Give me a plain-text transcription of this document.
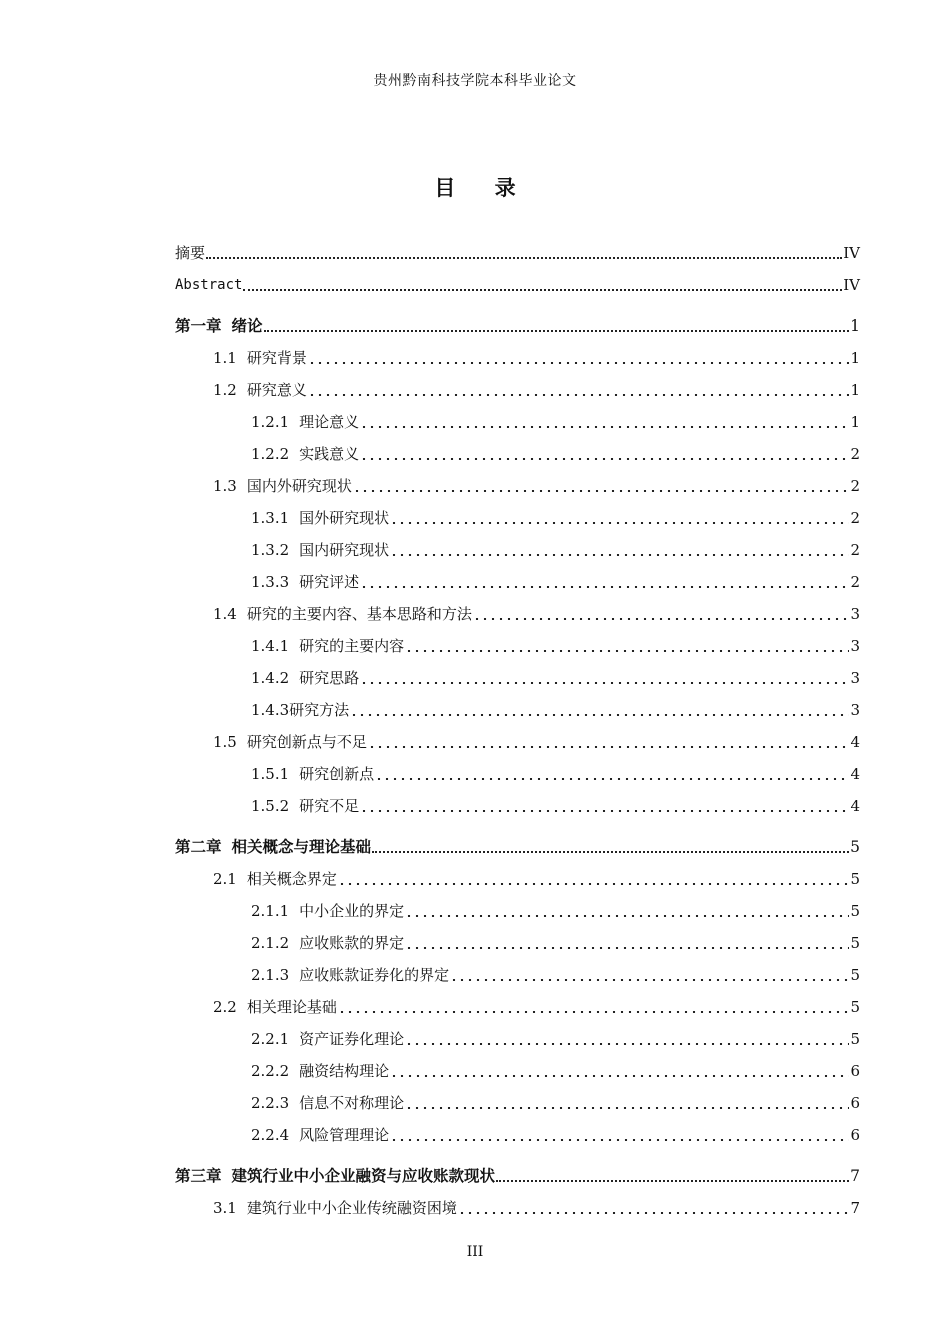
贵州黔南科技学院本科毕业论文
目 录
摘要	IV
Abstract	IV
第一章 绪论	1
1.1 研究背景	1
1.2 研究意义	1
1.2.1 理论意义	1
1.2.2 实践意义	2
1.3 国内外研究现状	2
1.3.1 国外研究现状	2
1.3.2 国内研究现状	2
1.3.3 研究评述	2
1.4 研究的主要内容、基本思路和方法	3
1.4.1 研究的主要内容	3
1.4.2 研究思路	3
1.4.3研究方法	3
1.5 研究创新点与不足	4
1.5.1 研究创新点	4
1.5.2 研究不足	4
第二章 相关概念与理论基础	5
2.1 相关概念界定	5
2.1.1 中小企业的界定	5
2.1.2 应收账款的界定	5
2.1.3 应收账款证券化的界定	5
2.2 相关理论基础	5
2.2.1 资产证券化理论	5
2.2.2 融资结构理论	6
2.2.3 信息不对称理论	6
2.2.4 风险管理理论	6
第三章 建筑行业中小企业融资与应收账款现状	7
3.1 建筑行业中小企业传统融资困境	7
III
